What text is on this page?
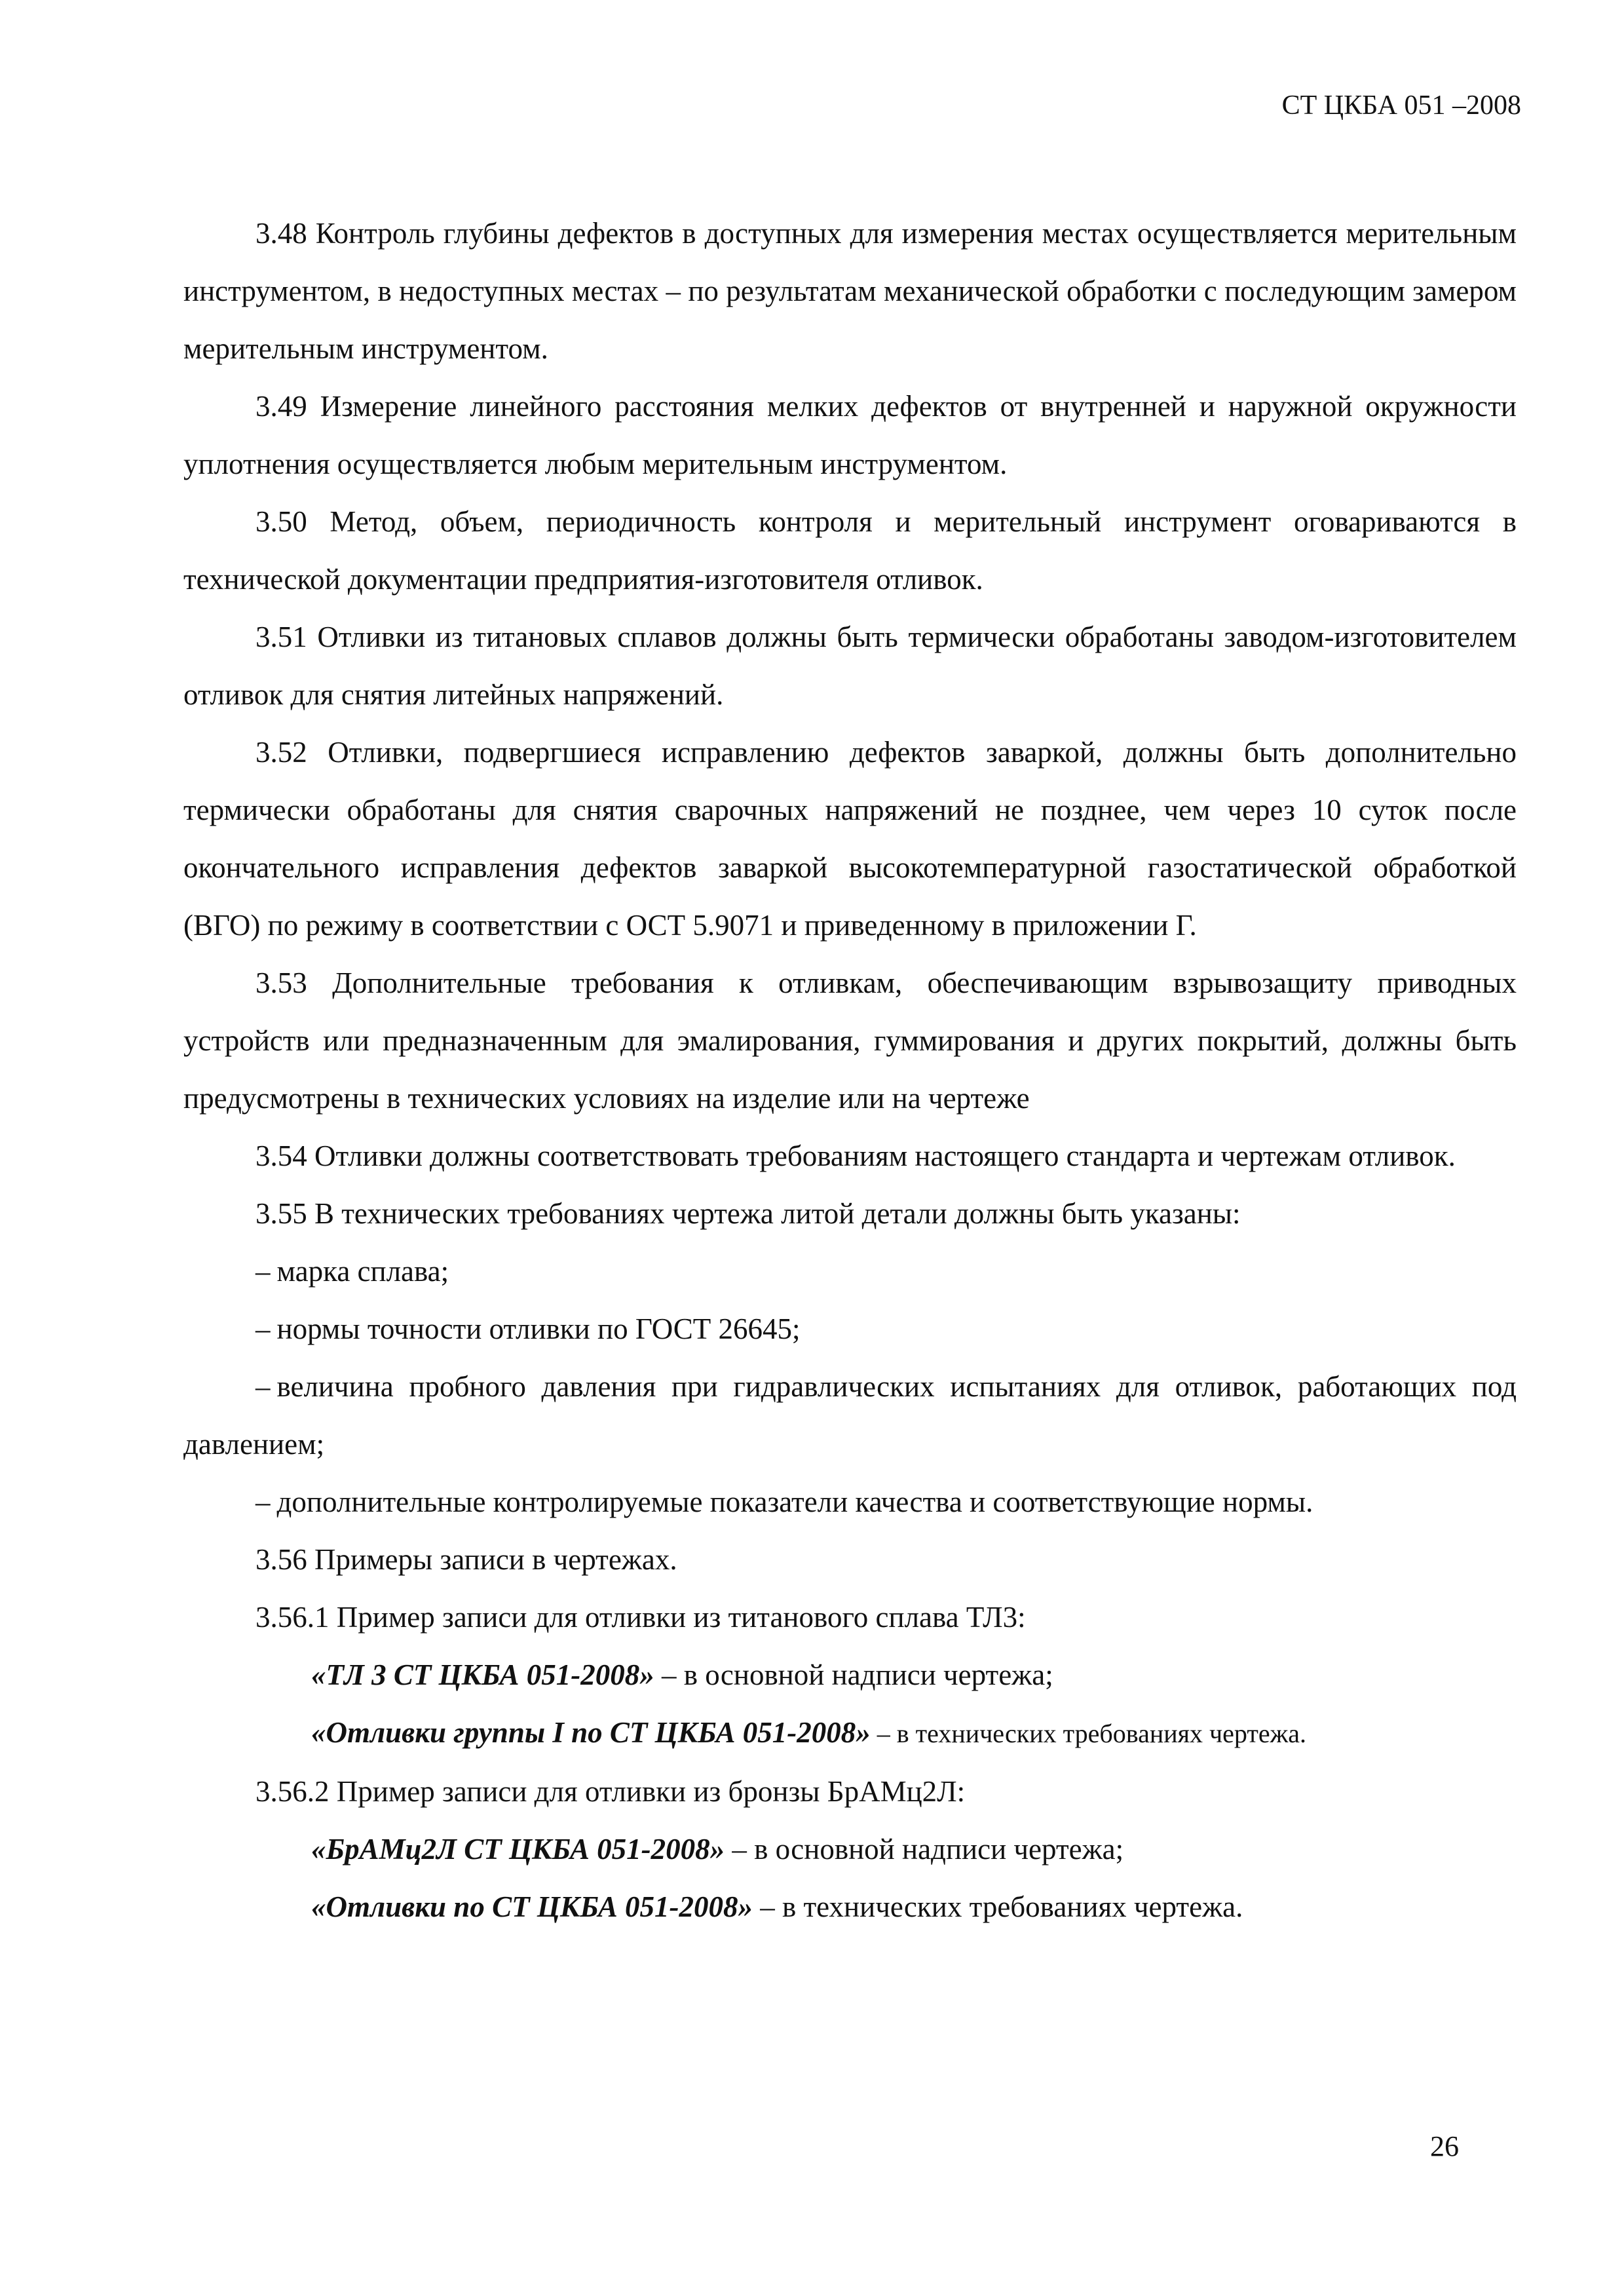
СТ ЦКБА 051 –2008

3.48 Контроль глубины дефектов в доступных для измерения местах осуществляется мерительным инструментом, в недоступных местах – по результатам механической обработки с последующим замером мерительным инструментом.

3.49 Измерение линейного расстояния мелких дефектов от внутренней и наружной окружности уплотнения осуществляется любым мерительным инструментом.

3.50 Метод, объем, периодичность контроля и мерительный инструмент оговариваются в технической документации предприятия-изготовителя отливок.

3.51 Отливки из титановых сплавов должны быть термически обработаны заводом-изготовителем отливок для снятия литейных напряжений.

3.52 Отливки, подвергшиеся исправлению дефектов заваркой, должны быть дополнительно термически обработаны для снятия сварочных напряжений не позднее, чем через 10 суток после окончательного исправления дефектов заваркой высокотемпературной газостатической обработкой (ВГО) по режиму в соответствии с ОСТ 5.9071 и приведенному в приложении Г.

3.53 Дополнительные требования к отливкам, обеспечивающим взрывозащиту приводных устройств или предназначенным для эмалирования, гуммирования и других покрытий, должны быть предусмотрены в технических условиях на изделие или на чертеже

3.54 Отливки должны соответствовать требованиям настоящего стандарта и чертежам отливок.

3.55 В технических требованиях чертежа литой детали должны быть указаны:

– марка сплава;

– нормы точности отливки по ГОСТ 26645;

– величина пробного давления при гидравлических испытаниях для отливок, работающих под давлением;

– дополнительные контролируемые показатели качества и соответствующие нормы.

3.56 Примеры записи в чертежах.

3.56.1 Пример записи для отливки из титанового сплава ТЛ3:

«ТЛ 3 СТ ЦКБА 051-2008» – в основной надписи чертежа;

«Отливки группы I по СТ ЦКБА 051-2008» – в технических требованиях чертежа.

3.56.2 Пример записи для отливки из бронзы БрАМц2Л:

«БрАМц2Л СТ ЦКБА 051-2008» – в основной надписи чертежа;

«Отливки по СТ ЦКБА 051-2008» – в технических требованиях чертежа.

26
